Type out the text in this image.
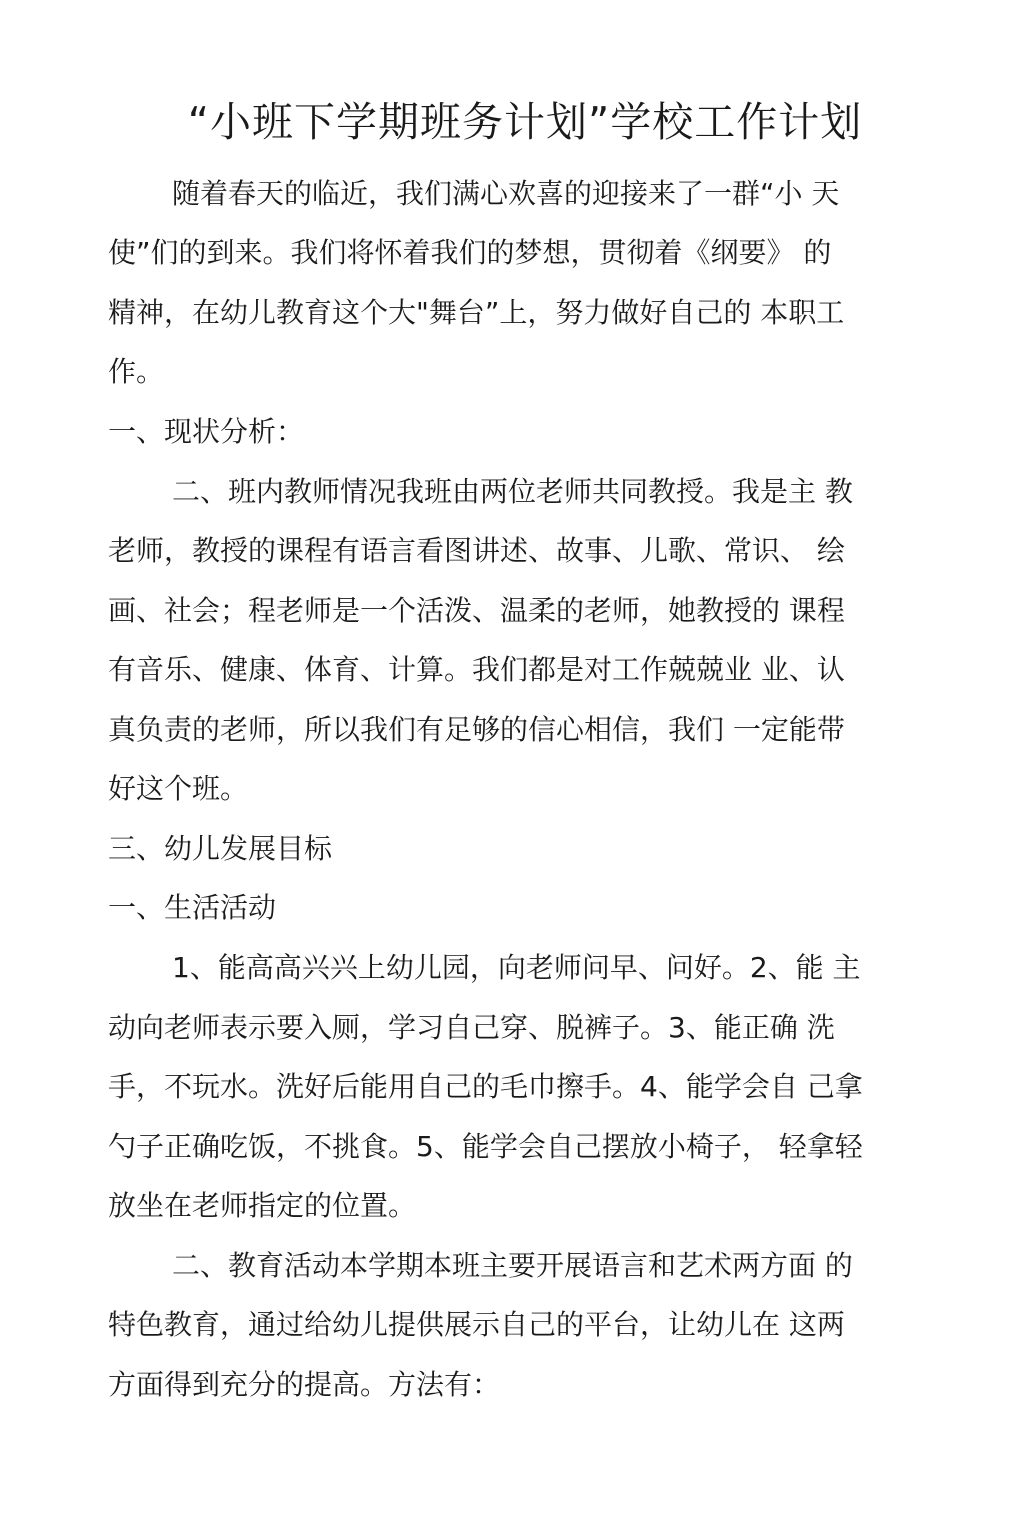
“小班下学期班务计划”学校工作计划
随着春天的临近，我们满心欢喜的迎接来了一群“小 天
使”们的到来。我们将怀着我们的梦想，贯彻着《纲要》 的
精神，在幼儿教育这个大"舞台”上，努力做好自己的 本职工
作。
一、现状分析：
二、班内教师情况我班由两位老师共同教授。我是主 教
老师，教授的课程有语言看图讲述、故事、儿歌、常识、 绘
画、社会；程老师是一个活泼、温柔的老师，她教授的 课程
有音乐、健康、体育、计算。我们都是对工作兢兢业 业、认
真负责的老师，所以我们有足够的信心相信，我们 一定能带
好这个班。
三、幼儿发展目标
一、生活活动
1、能高高兴兴上幼儿园，向老师问早、问好。2、能 主
动向老师表示要入厕，学习自己穿、脱裤子。3、能正确 洗
手，不玩水。洗好后能用自己的毛巾擦手。4、能学会自 己拿
勺子正确吃饭，不挑食。5、能学会自己摆放小椅子， 轻拿轻
放坐在老师指定的位置。
二、教育活动本学期本班主要开展语言和艺术两方面 的
特色教育，通过给幼儿提供展示自己的平台，让幼儿在 这两
方面得到充分的提高。方法有：
